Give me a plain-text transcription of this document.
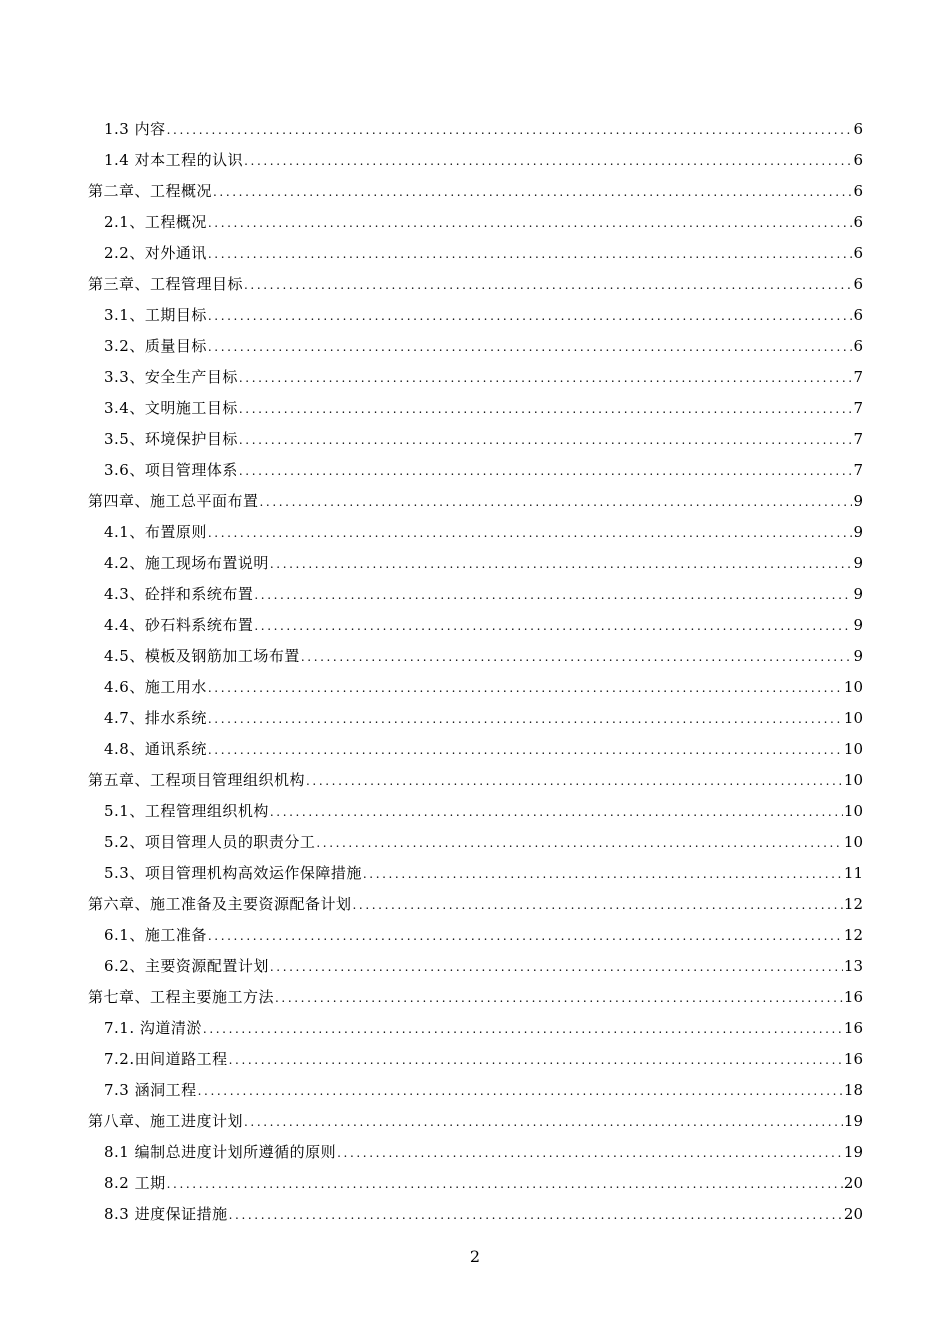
1.3 内容 .....	6
1.4 对本工程的认识 .....	6
第二章、工程概况 .....	6
2.1、工程概况 .....	6
2.2、对外通讯 .....	6
第三章、工程管理目标 .....	6
3.1、工期目标 .....	6
3.2、质量目标 .....	6
3.3、安全生产目标 .....	7
3.4、文明施工目标 .....	7
3.5、环境保护目标 .....	7
3.6、项目管理体系 .....	7
第四章、施工总平面布置 .....	9
4.1、布置原则 .....	9
4.2、施工现场布置说明 .....	9
4.3、砼拌和系统布置 .....	9
4.4、砂石料系统布置 .....	9
4.5、模板及钢筋加工场布置 .....	9
4.6、施工用水 .....	10
4.7、排水系统 .....	10
4.8、通讯系统 .....	10
第五章、工程项目管理组织机构 .....	10
5.1、工程管理组织机构 .....	10
5.2、项目管理人员的职责分工 .....	10
5.3、项目管理机构高效运作保障措施 .....	11
第六章、施工准备及主要资源配备计划 .....	12
6.1、施工准备 .....	12
6.2、主要资源配置计划 .....	13
第七章、工程主要施工方法 .....	16
7.1. 沟道清淤 .....	16
7.2.田间道路工程 .....	16
7.3 涵洞工程 .....	18
第八章、施工进度计划 .....	19
8.1 编制总进度计划所遵循的原则 .....	19
8.2 工期 .....	20
8.3 进度保证措施 .....	20
2
